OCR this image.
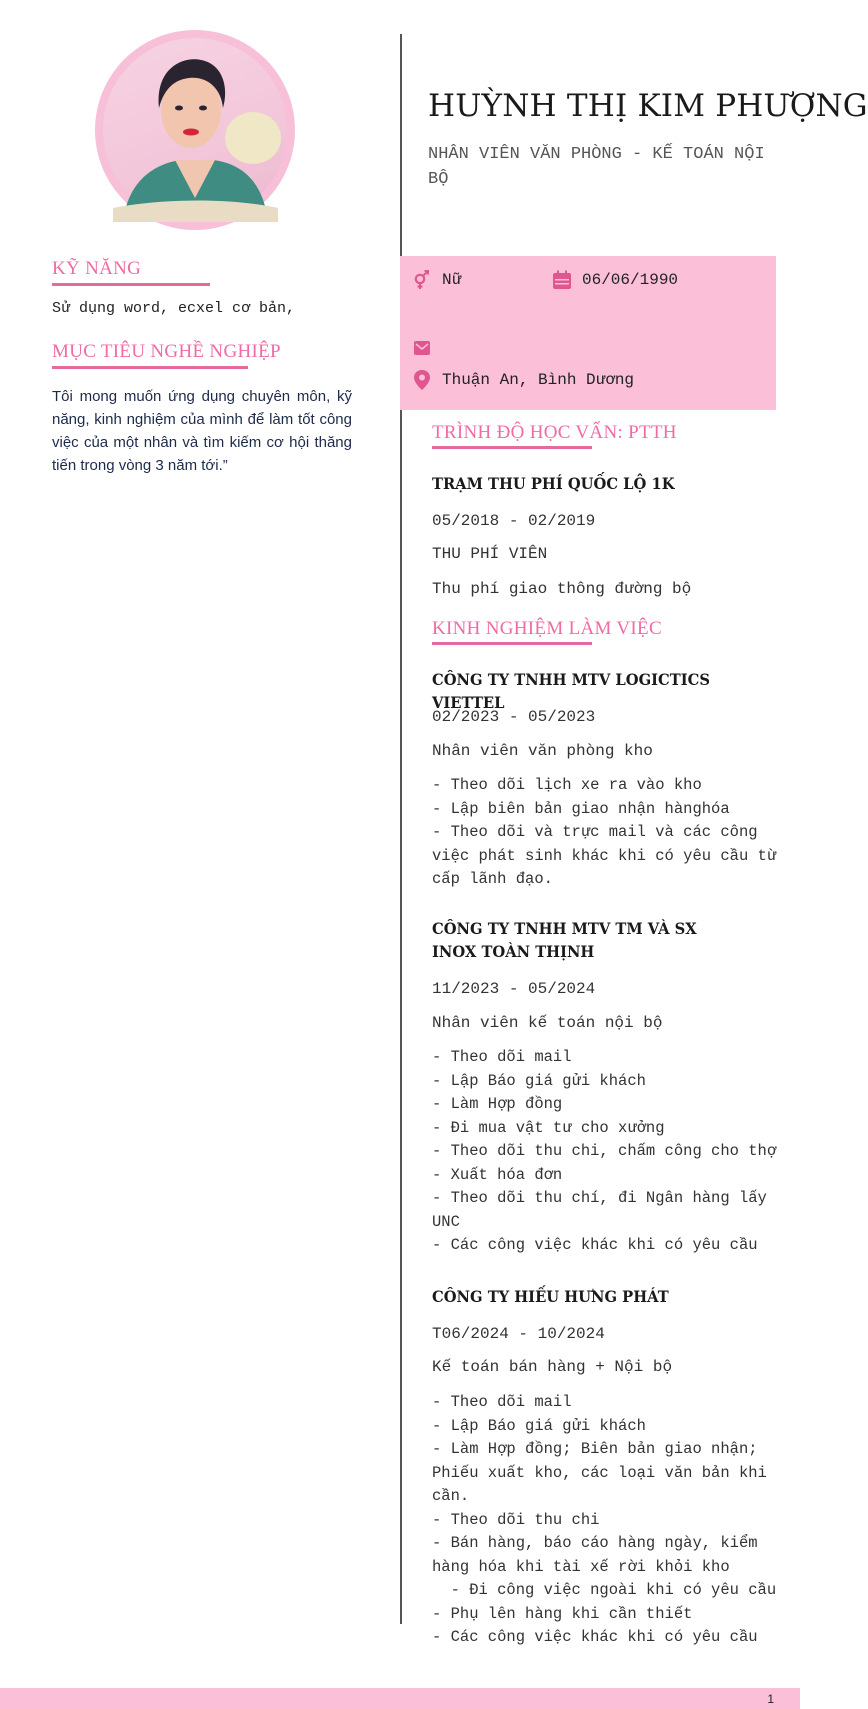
KỸ NĂNG
Sử dụng word, ecxel cơ bản,
MỤC TIÊU NGHỀ NGHIỆP
Tôi mong muốn ứng dụng chuyên môn, kỹ năng, kinh nghiệm của mình để làm tốt công việc của một nhân và tìm kiếm cơ hội thăng tiến trong vòng 3 năm tới.”
HUỲNH THỊ KIM PHƯỢNG
NHÂN VIÊN VĂN PHÒNG - KẾ TOÁN NỘI BỘ
Nữ	06/06/1990
Thuận An, Bình Dương
TRÌNH ĐỘ HỌC VẤN: PTTH
TRẠM THU PHÍ QUỐC LỘ 1K
05/2018 - 02/2019
THU PHÍ VIÊN
Thu phí giao thông đường bộ
KINH NGHIỆM LÀM VIỆC
CÔNG TY TNHH MTV LOGICTICS VIETTEL
02/2023 - 05/2023
Nhân viên văn phòng kho
- Theo dõi lịch xe ra vào kho
- Lập biên bản giao nhận hànghóa
- Theo dõi và trực mail và các công việc phát sinh khác khi có yêu cầu từ cấp lãnh đạo.
CÔNG TY TNHH MTV TM VÀ SX INOX TOÀN THỊNH
11/2023 - 05/2024
Nhân viên kế toán nội bộ
- Theo dõi mail
- Lập Báo giá gửi khách
- Làm Hợp đồng
- Đi mua vật tư cho xưởng
- Theo dõi thu chi, chấm công cho thợ
- Xuất hóa đơn
- Theo dõi thu chí, đi Ngân hàng lấy UNC
- Các công việc khác khi có yêu cầu
CÔNG TY HIẾU HƯNG PHÁT
T06/2024 - 10/2024
Kế toán bán hàng + Nội bộ
- Theo dõi mail
- Lập Báo giá gửi khách
- Làm Hợp đồng; Biên bản giao nhận; Phiếu xuất kho, các loại văn bản khi cần.
- Theo dõi thu chi
- Bán hàng, báo cáo hàng ngày, kiểm hàng hóa khi tài xế rời khỏi kho
- Đi công việc ngoài khi có yêu cầu
- Phụ lên hàng khi cần thiết
- Các công việc khác khi có yêu cầu
1
